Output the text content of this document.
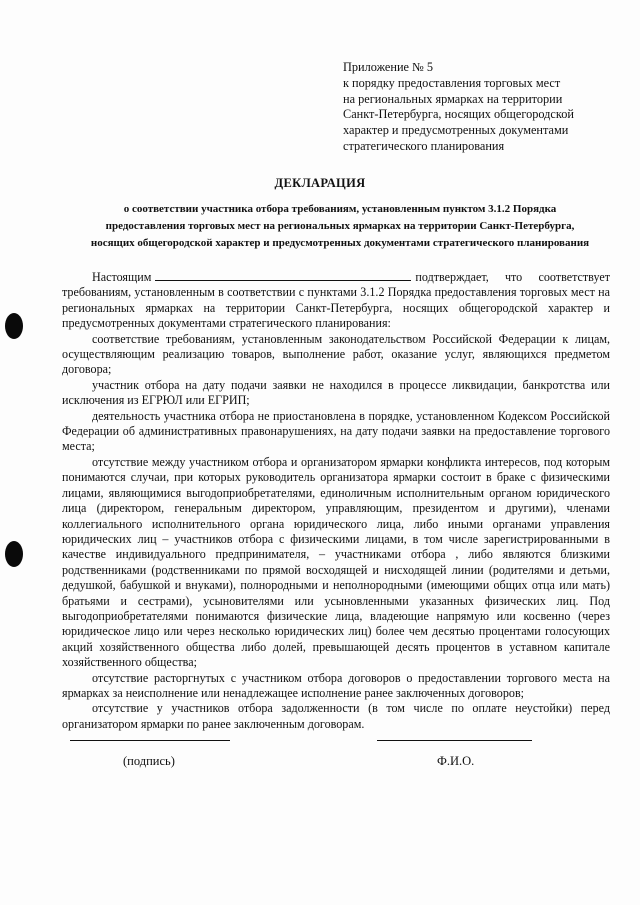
Приложение № 5
к порядку предоставления торговых мест
на региональных ярмарках на территории
Санкт-Петербурга, носящих общегородской
характер и предусмотренных документами
стратегического планирования
ДЕКЛАРАЦИЯ
о соответствии участника отбора требованиям, установленным пунктом 3.1.2 Порядка
предоставления торговых мест на региональных ярмарках на территории Санкт-Петербурга,
носящих общегородской характер и предусмотренных документами стратегического планирования

Настоящим	подтверждает, что соответствует требованиям, установленным в соответствии с пунктами 3.1.2 Порядка предоставления торговых мест на региональных ярмарках на территории Санкт-Петербурга, носящих общегородской характер и предусмотренных документами стратегического планирования:

соответствие требованиям, установленным законодательством Российской Федерации к лицам, осуществляющим реализацию товаров, выполнение работ, оказание услуг, являющихся предметом договора;

участник отбора на дату подачи заявки не находился в процессе ликвидации, банкротства или исключения из ЕГРЮЛ или ЕГРИП;

деятельность участника отбора не приостановлена в порядке, установленном Кодексом Российской Федерации об административных правонарушениях, на дату подачи заявки на предоставление торгового места;

отсутствие между участником отбора и организатором ярмарки конфликта интересов, под которым понимаются случаи, при которых руководитель организатора ярмарки состоит в браке с физическими лицами, являющимися выгодоприобретателями, единоличным исполнительным органом юридического лица (директором, генеральным директором, управляющим, президентом и другими), членами коллегиального исполнительного органа юридического лица, либо иными органами управления юридических лиц – участников отбора с физическими лицами, в том числе зарегистрированными в качестве индивидуального предпринимателя, – участниками отбора , либо являются близкими родственниками (родственниками по прямой восходящей и нисходящей линии (родителями и детьми, дедушкой, бабушкой и внуками), полнородными и неполнородными (имеющими общих отца или мать) братьями и сестрами), усыновителями или усыновленными указанных физических лиц. Под выгодоприобретателями понимаются физические лица, владеющие напрямую или косвенно (через юридическое лицо или через несколько юридических лиц) более чем десятью процентами голосующих акций хозяйственного общества либо долей, превышающей десять процентов в уставном капитале хозяйственного общества;

отсутствие расторгнутых с участником отбора договоров о предоставлении торгового места на ярмарках за неисполнение или ненадлежащее исполнение ранее заключенных договоров;

отсутствие у участников отбора задолженности (в том числе по оплате неустойки) перед организатором ярмарки по ранее заключенным договорам.

(подпись)	Ф.И.О.
